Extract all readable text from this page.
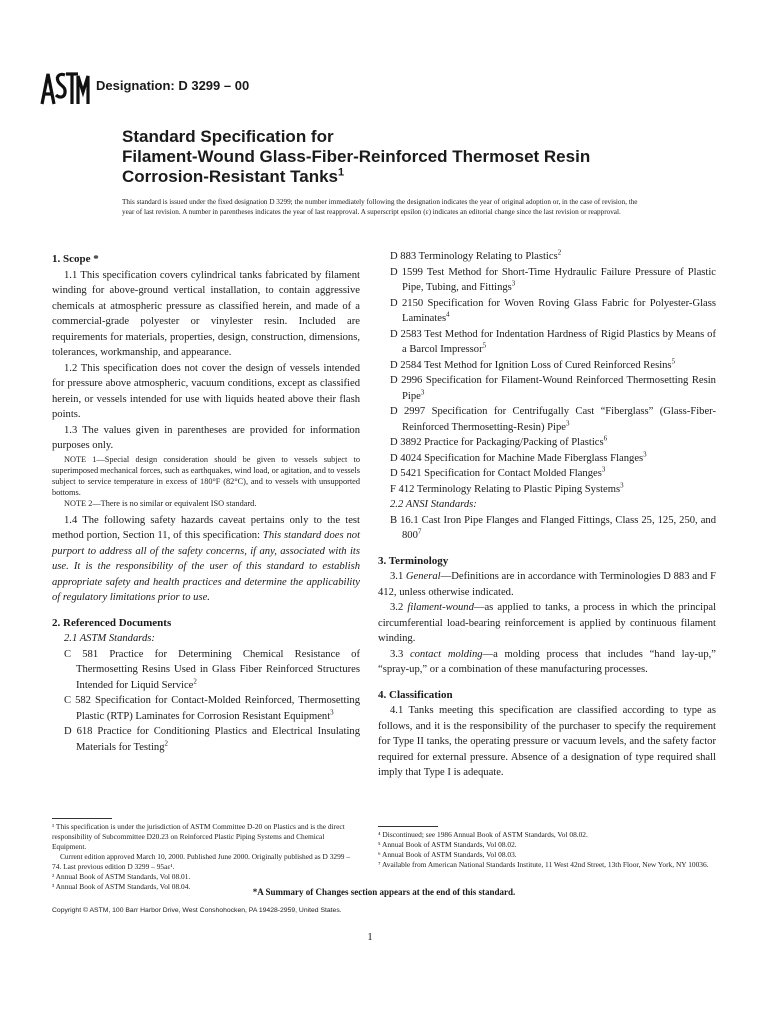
Designation: D 3299 – 00
Standard Specification for
Filament-Wound Glass-Fiber-Reinforced Thermoset Resin
Corrosion-Resistant Tanks$^1$
This standard is issued under the fixed designation D 3299; the number immediately following the designation indicates the year of original adoption or, in the case of revision, the year of last revision. A number in parentheses indicates the year of last reapproval. A superscript epsilon (ε) indicates an editorial change since the last revision or reapproval.

1. Scope *

1.1 This specification covers cylindrical tanks fabricated by filament winding for above-ground vertical installation, to contain aggressive chemicals at atmospheric pressure as classified herein, and made of a commercial-grade polyester or vinylester resin. Included are requirements for materials, properties, design, construction, dimensions, tolerances, workmanship, and appearance.

1.2 This specification does not cover the design of vessels intended for pressure above atmospheric, vacuum conditions, except as classified herein, or vessels intended for use with liquids heated above their flash points.

1.3 The values given in parentheses are provided for information purposes only.

NOTE 1—Special design consideration should be given to vessels subject to superimposed mechanical forces, such as earthquakes, wind load, or agitation, and to vessels subject to service temperature in excess of 180°F (82°C), and to vessels with unsupported bottoms.

NOTE 2—There is no similar or equivalent ISO standard.

1.4 The following safety hazards caveat pertains only to the test method portion, Section 11, of this specification: This standard does not purport to address all of the safety concerns, if any, associated with its use. It is the responsibility of the user of this standard to establish appropriate safety and health practices and determine the applicability of regulatory limitations prior to use.

2. Referenced Documents

2.1 ASTM Standards:

C 581 Practice for Determining Chemical Resistance of Thermosetting Resins Used in Glass Fiber Reinforced Structures Intended for Liquid Service$^2$

C 582 Specification for Contact-Molded Reinforced, Thermosetting Plastic (RTP) Laminates for Corrosion Resistant Equipment$^3$

D 618 Practice for Conditioning Plastics and Electrical Insulating Materials for Testing$^2$

D 883 Terminology Relating to Plastics$^2$

D 1599 Test Method for Short-Time Hydraulic Failure Pressure of Plastic Pipe, Tubing, and Fittings$^3$

D 2150 Specification for Woven Roving Glass Fabric for Polyester-Glass Laminates$^4$

D 2583 Test Method for Indentation Hardness of Rigid Plastics by Means of a Barcol Impressor$^5$

D 2584 Test Method for Ignition Loss of Cured Reinforced Resins$^5$

D 2996 Specification for Filament-Wound Reinforced Thermosetting Resin Pipe$^3$

D 2997 Specification for Centrifugally Cast “Fiberglass” (Glass-Fiber-Reinforced Thermosetting-Resin) Pipe$^3$

D 3892 Practice for Packaging/Packing of Plastics$^6$

D 4024 Specification for Machine Made Fiberglass Flanges$^3$

D 5421 Specification for Contact Molded Flanges$^3$

F 412 Terminology Relating to Plastic Piping Systems$^3$

2.2 ANSI Standards:

B 16.1 Cast Iron Pipe Flanges and Flanged Fittings, Class 25, 125, 250, and $800^7$

3. Terminology

3.1 General—Definitions are in accordance with Terminologies D 883 and F 412, unless otherwise indicated.

3.2 filament-wound—as applied to tanks, a process in which the principal circumferential load-bearing reinforcement is applied by continuous filament winding.

3.3 contact molding—a molding process that includes “hand lay-up,” “spray-up,” or a combination of these manufacturing processes.

4. Classification

4.1 Tanks meeting this specification are classified according to type as follows, and it is the responsibility of the purchaser to specify the requirement for Type II tanks, the operating pressure or vacuum levels, and the safety factor required for external pressure. Absence of a designation of type required shall imply that Type I is adequate.

¹ This specification is under the jurisdiction of ASTM Committee D-20 on Plastics and is the direct responsibility of Subcommittee D20.23 on Reinforced Plastic Piping Systems and Chemical Equipment.

Current edition approved March 10, 2000. Published June 2000. Originally published as D 3299 – 74. Last previous edition D 3299 – 95aε¹.

² Annual Book of ASTM Standards, Vol 08.01.

³ Annual Book of ASTM Standards, Vol 08.04.

⁴ Discontinued; see 1986 Annual Book of ASTM Standards, Vol 08.02.

⁵ Annual Book of ASTM Standards, Vol 08.02.

⁶ Annual Book of ASTM Standards, Vol 08.03.

⁷ Available from American National Standards Institute, 11 West 42nd Street, 13th Floor, New York, NY 10036.

*A Summary of Changes section appears at the end of this standard.
Copyright © ASTM, 100 Barr Harbor Drive, West Conshohocken, PA 19428-2959, United States.
1
